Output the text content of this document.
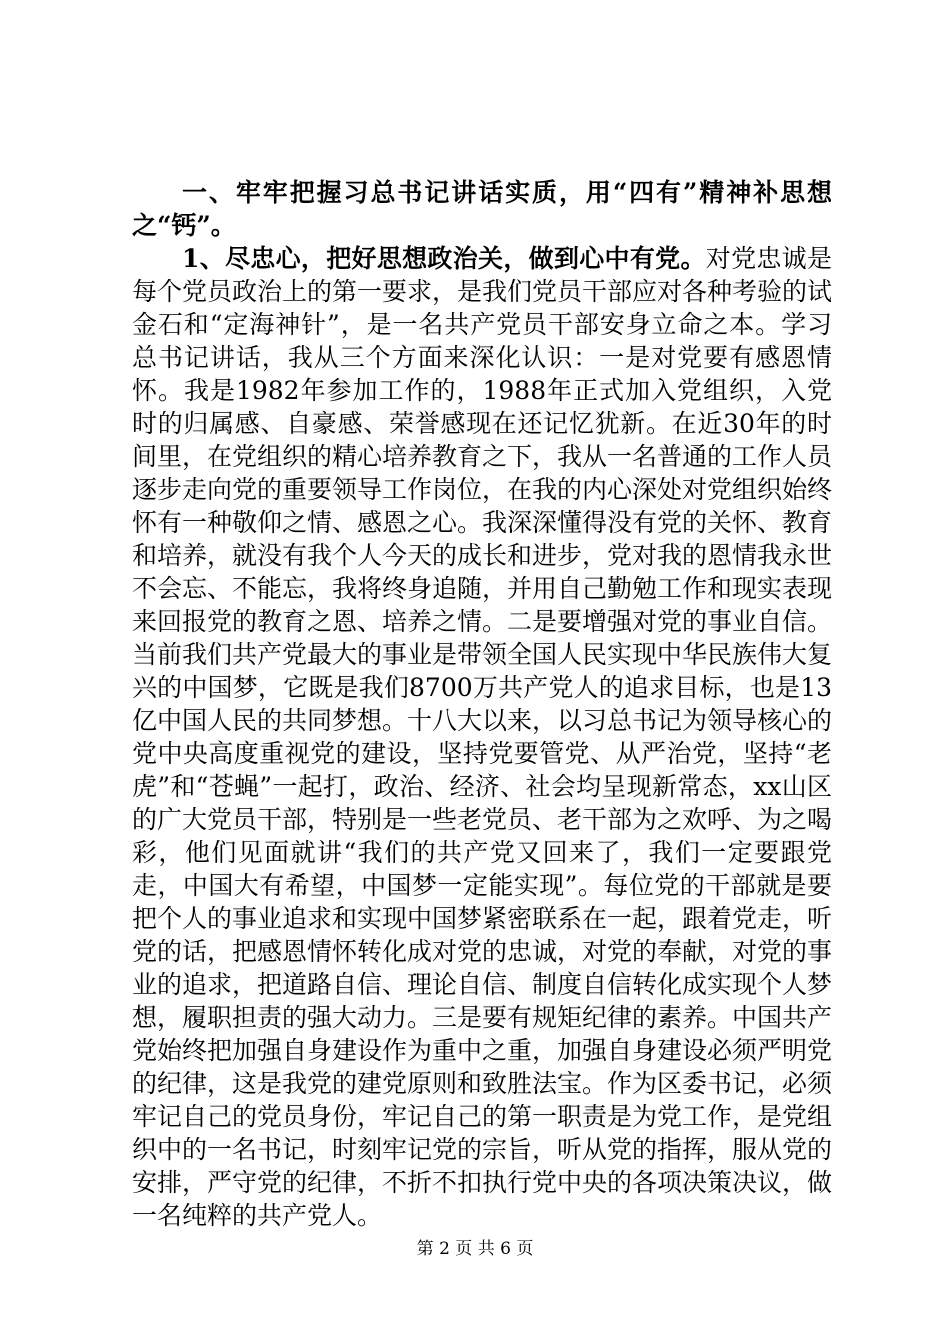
一、牢牢把握习总书记讲话实质，用“四有”精神补思想之“钙”。

1、尽忠心，把好思想政治关，做到心中有党。对党忠诚是每个党员政治上的第一要求，是我们党员干部应对各种考验的试金石和“定海神针”，是一名共产党员干部安身立命之本。学习总书记讲话，我从三个方面来深化认识：一是对党要有感恩情怀。我是1982年参加工作的，1988年正式加入党组织，入党时的归属感、自豪感、荣誉感现在还记忆犹新。在近30年的时间里，在党组织的精心培养教育之下，我从一名普通的工作人员逐步走向党的重要领导工作岗位，在我的内心深处对党组织始终怀有一种敬仰之情、感恩之心。我深深懂得没有党的关怀、教育和培养，就没有我个人今天的成长和进步，党对我的恩情我永世不会忘、不能忘，我将终身追随，并用自己勤勉工作和现实表现来回报党的教育之恩、培养之情。二是要增强对党的事业自信。当前我们共产党最大的事业是带领全国人民实现中华民族伟大复兴的中国梦，它既是我们8700万共产党人的追求目标，也是13亿中国人民的共同梦想。十八大以来，以习总书记为领导核心的党中央高度重视党的建设，坚持党要管党、从严治党，坚持“老虎”和“苍蝇”一起打，政治、经济、社会均呈现新常态，xx山区的广大党员干部，特别是一些老党员、老干部为之欢呼、为之喝彩，他们见面就讲“我们的共产党又回来了，我们一定要跟党走，中国大有希望，中国梦一定能实现”。每位党的干部就是要把个人的事业追求和实现中国梦紧密联系在一起，跟着党走，听党的话，把感恩情怀转化成对党的忠诚，对党的奉献，对党的事业的追求，把道路自信、理论自信、制度自信转化成实现个人梦想，履职担责的强大动力。三是要有规矩纪律的素养。中国共产党始终把加强自身建设作为重中之重，加强自身建设必须严明党的纪律，这是我党的建党原则和致胜法宝。作为区委书记，必须牢记自己的党员身份，牢记自己的第一职责是为党工作，是党组织中的一名书记，时刻牢记党的宗旨，听从党的指挥，服从党的安排，严守党的纪律，不折不扣执行党中央的各项决策决议，做一名纯粹的共产党人。

第 2 页 共 6 页
